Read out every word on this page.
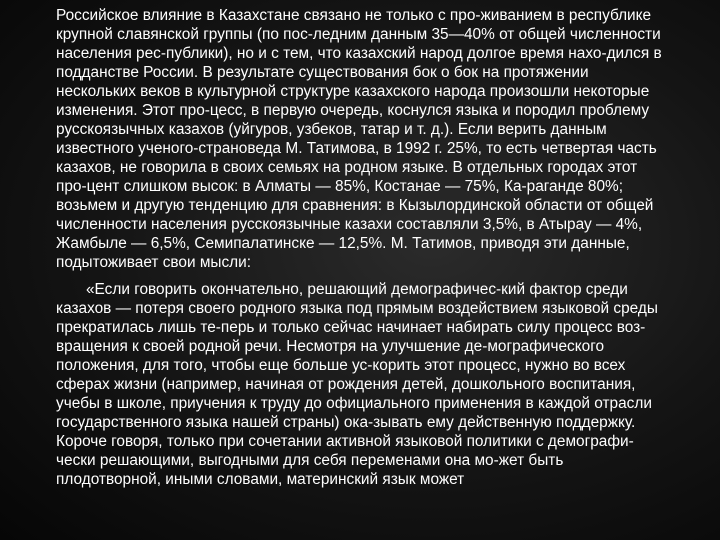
Российское влияние в Казахстане связано не только с про-живанием в республике крупной славянской группы (по пос-ледним данным 35—40% от общей численности населения рес-публики), но и с тем, что казахский народ долгое время нахо-дился в подданстве России. В результате существования бок о бок на протяжении нескольких веков в культурной структуре казахского народа произошли некоторые изменения. Этот про-цесс, в первую очередь, коснулся языка и породил проблему русскоязычных казахов (уйгуров, узбеков, татар и т. д.). Если верить данным известного ученого-страноведа М. Татимова, в 1992 г. 25%, то есть четвертая часть казахов, не говорила в своих семьях на родном языке. В отдельных городах этот про-цент слишком высок: в Алматы — 85%, Костанае — 75%, Ка-раганде 80%; возьмем и другую тенденцию для сравнения: в Кызылординской области от общей численности населения русскоязычные казахи составляли 3,5%, в Атырау — 4%, Жамбыле — 6,5%, Семипалатинске — 12,5%. М. Татимов, приводя эти данные, подытоживает свои мысли:

«Если говорить окончательно, решающий демографичес-кий фактор среди казахов — потеря своего родного языка под прямым воздействием языковой среды прекратилась лишь те-перь и только сейчас начинает набирать силу процесс воз-вращения к своей родной речи. Несмотря на улучшение де-мографического положения, для того, чтобы еще больше ус-корить этот процесс, нужно во всех сферах жизни (например, начиная от рождения детей, дошкольного воспитания, учебы в школе, приучения к труду до официального применения в каждой отрасли государственного языка нашей страны) ока-зывать ему действенную поддержку. Короче говоря, только при сочетании активной языковой политики с демографи-чески решающими, выгодными для себя переменами она мо-жет быть плодотворной, иными словами, материнский язык может
